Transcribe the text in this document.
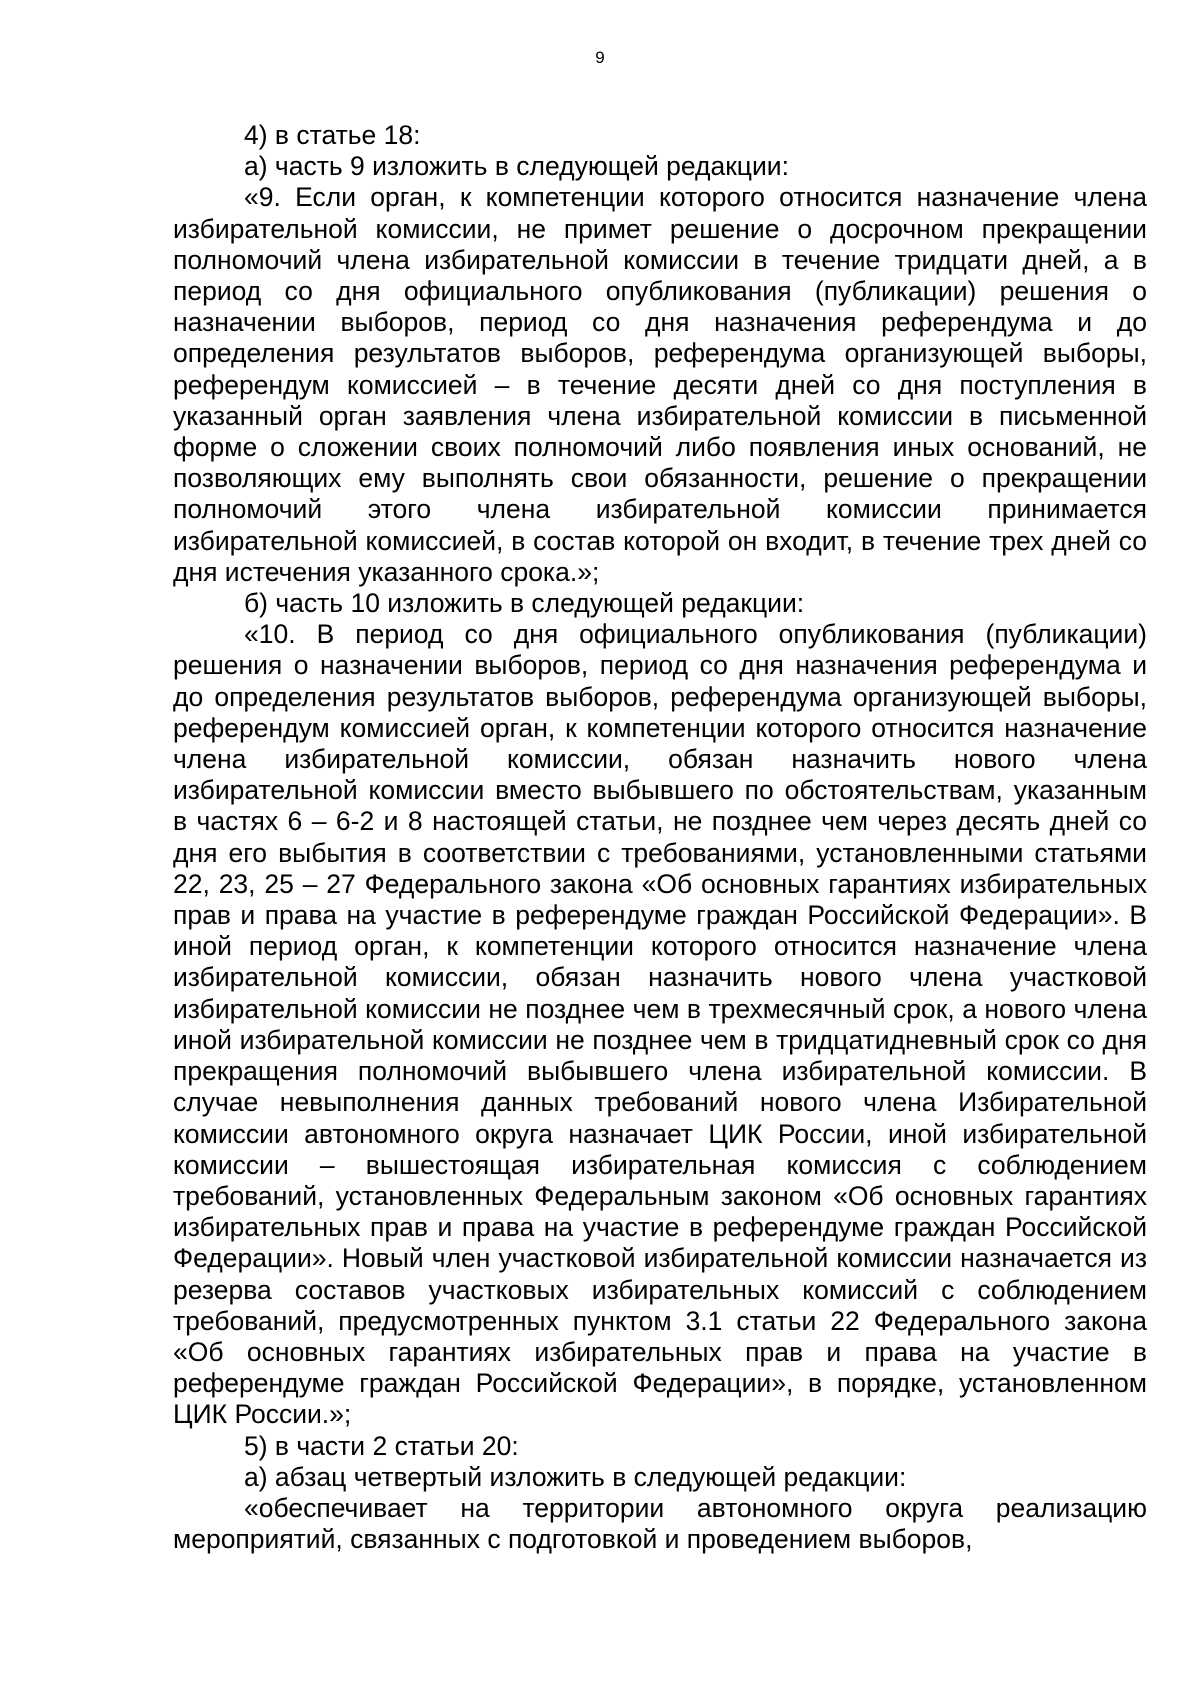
9

4) в статье 18:

а) часть 9 изложить в следующей редакции:

«9. Если орган, к компетенции которого относится назначение члена избирательной комиссии, не примет решение о досрочном прекращении полномочий члена избирательной комиссии в течение тридцати дней, а в период со дня официального опубликования (публикации) решения о назначении выборов, период со дня назначения референдума и до определения результатов выборов, референдума организующей выборы, референдум комиссией – в течение десяти дней со дня поступления в указанный орган заявления члена избирательной комиссии в письменной форме о сложении своих полномочий либо появления иных оснований, не позволяющих ему выполнять свои обязанности, решение о прекращении полномочий этого члена избирательной комиссии принимается избирательной комиссией, в состав которой он входит, в течение трех дней со дня истечения указанного срока.»;

б) часть 10 изложить в следующей редакции:

«10. В период со дня официального опубликования (публикации) решения о назначении выборов, период со дня назначения референдума и до определения результатов выборов, референдума организующей выборы, референдум комиссией орган, к компетенции которого относится назначение члена избирательной комиссии, обязан назначить нового члена избирательной комиссии вместо выбывшего по обстоятельствам, указанным в частях 6 – 6-2 и 8 настоящей статьи, не позднее чем через десять дней со дня его выбытия в соответствии с требованиями, установленными статьями 22, 23, 25 – 27 Федерального закона «Об основных гарантиях избирательных прав и права на участие в референдуме граждан Российской Федерации». В иной период орган, к компетенции которого относится назначение члена избирательной комиссии, обязан назначить нового члена участковой избирательной комиссии не позднее чем в трехмесячный срок, а нового члена иной избирательной комиссии не позднее чем в тридцатидневный срок со дня прекращения полномочий выбывшего члена избирательной комиссии. В случае невыполнения данных требований нового члена Избирательной комиссии автономного округа назначает ЦИК России, иной избирательной комиссии – вышестоящая избирательная комиссия с соблюдением требований, установленных Федеральным законом «Об основных гарантиях избирательных прав и права на участие в референдуме граждан Российской Федерации». Новый член участковой избирательной комиссии назначается из резерва составов участковых избирательных комиссий с соблюдением требований, предусмотренных пунктом 3.1 статьи 22 Федерального закона «Об основных гарантиях избирательных прав и права на участие в референдуме граждан Российской Федерации», в порядке, установленном ЦИК России.»;

5) в части 2 статьи 20:

а) абзац четвертый изложить в следующей редакции:

«обеспечивает на территории автономного округа реализацию мероприятий, связанных с подготовкой и проведением выборов,
